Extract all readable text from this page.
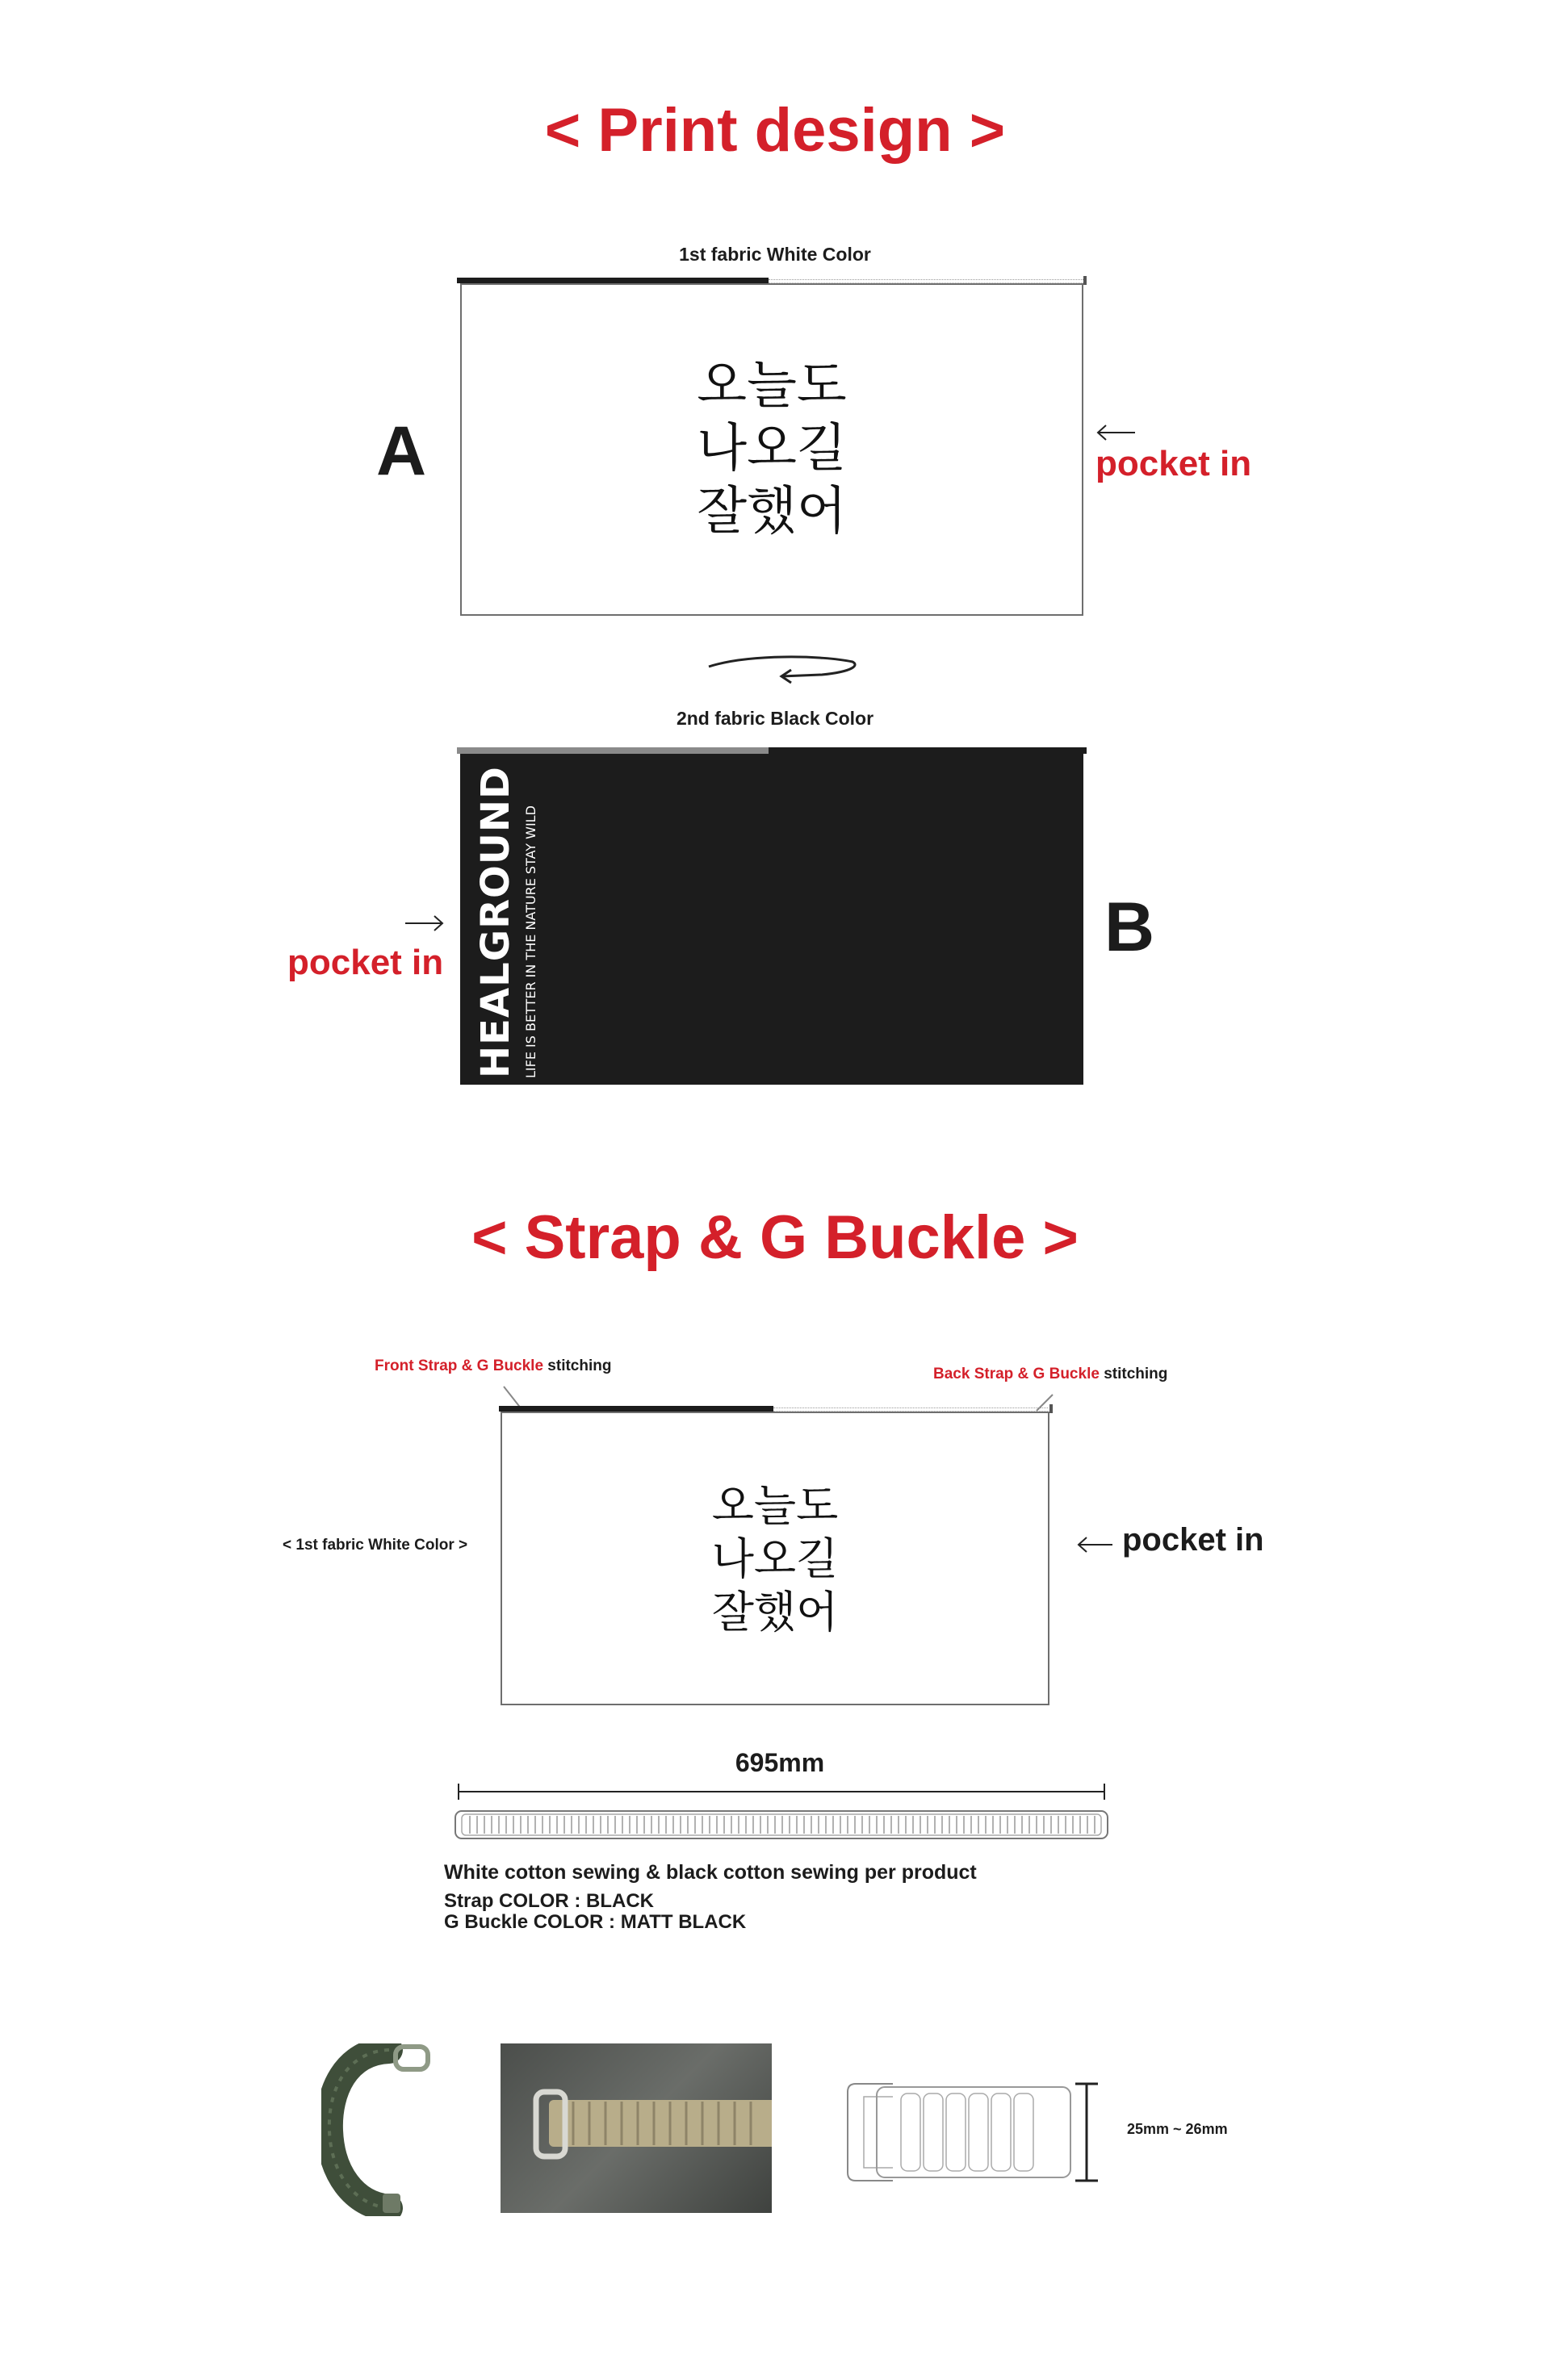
< Print design >
1st fabric White Color
오늘도
나오길
잘했어
A	pocket in
2nd fabric Black Color
HEALGROUND LIFE IS BETTER IN THE NATURE STAY WILD
pocket in	B
< Strap & G Buckle >
Front Strap & G Buckle stitching	Back Strap & G Buckle stitching
오늘도
나오길
잘했어
< 1st fabric White Color >	pocket in
695mm
White cotton sewing & black cotton sewing per product
Strap COLOR : BLACK
G Buckle COLOR : MATT BLACK
25mm ~ 26mm
